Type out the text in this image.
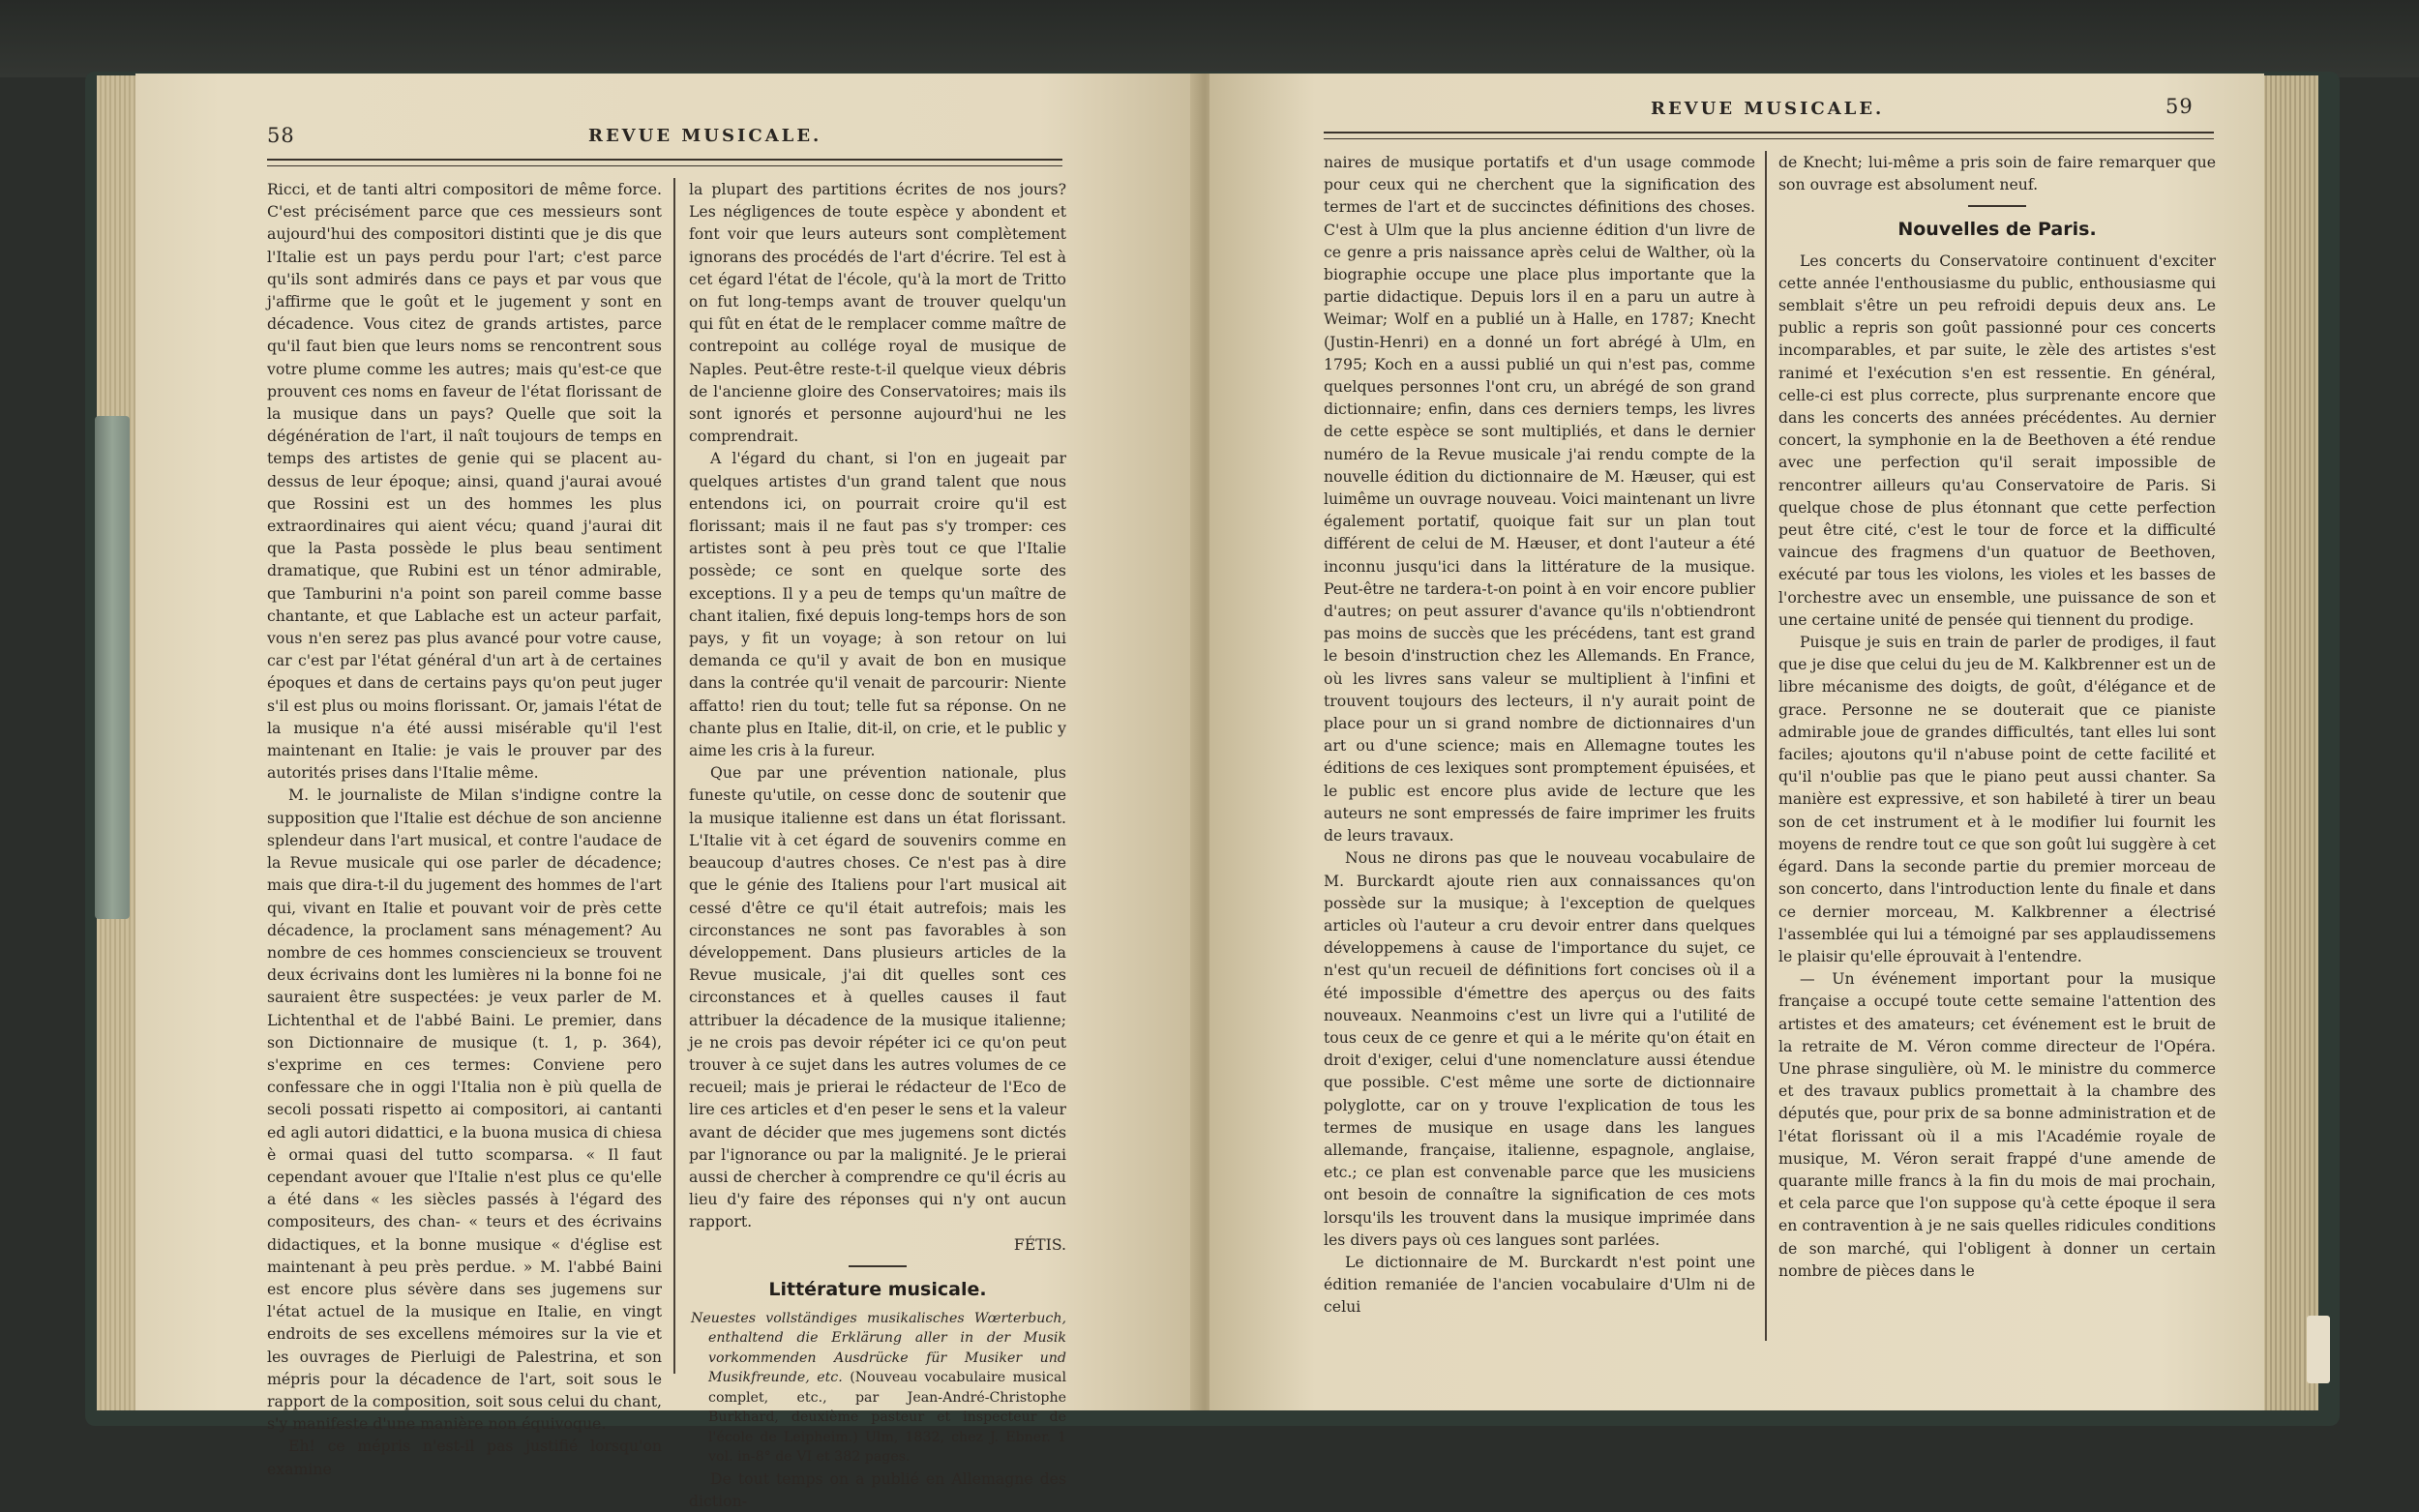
58	REVUE MUSICALE.

Ricci, et de tanti altri compositori de même force. C'est précisément parce que ces messieurs sont aujourd'hui des compositori distinti que je dis que l'Italie est un pays perdu pour l'art; c'est parce qu'ils sont admirés dans ce pays et par vous que j'affirme que le goût et le jugement y sont en décadence. Vous citez de grands artistes, parce qu'il faut bien que leurs noms se rencontrent sous votre plume comme les autres; mais qu'est-ce que prouvent ces noms en faveur de l'état florissant de la musique dans un pays? Quelle que soit la dégénération de l'art, il naît toujours de temps en temps des artistes de genie qui se placent au-dessus de leur époque; ainsi, quand j'aurai avoué que Rossini est un des hommes les plus extraordinaires qui aient vécu; quand j'aurai dit que la Pasta possède le plus beau sentiment dramatique, que Rubini est un ténor admirable, que Tamburini n'a point son pareil comme basse chantante, et que Lablache est un acteur parfait, vous n'en serez pas plus avancé pour votre cause, car c'est par l'état général d'un art à de certaines époques et dans de certains pays qu'on peut juger s'il est plus ou moins florissant. Or, jamais l'état de la musique n'a été aussi misérable qu'il l'est maintenant en Italie: je vais le prouver par des autorités prises dans l'Italie même.

M. le journaliste de Milan s'indigne contre la supposition que l'Italie est déchue de son ancienne splendeur dans l'art musical, et contre l'audace de la Revue musicale qui ose parler de décadence; mais que dira-t-il du jugement des hommes de l'art qui, vivant en Italie et pouvant voir de près cette décadence, la proclament sans ménagement? Au nombre de ces hommes consciencieux se trouvent deux écrivains dont les lumières ni la bonne foi ne sauraient être suspectées: je veux parler de M. Lichtenthal et de l'abbé Baini. Le premier, dans son Dictionnaire de musique (t. 1, p. 364), s'exprime en ces termes: Conviene pero confessare che in oggi l'Italia non è più quella de secoli possati rispetto ai compositori, ai cantanti ed agli autori didattici, e la buona musica di chiesa è ormai quasi del tutto scomparsa. « Il faut cependant avouer que l'Italie n'est plus ce qu'elle a été dans « les siècles passés à l'égard des compositeurs, des chan- « teurs et des écrivains didactiques, et la bonne musique « d'église est maintenant à peu près perdue. » M. l'abbé Baini est encore plus sévère dans ses jugemens sur l'état actuel de la musique en Italie, en vingt endroits de ses excellens mémoires sur la vie et les ouvrages de Pierluigi de Palestrina, et son mépris pour la décadence de l'art, soit sous le rapport de la composition, soit sous celui du chant, s'y manifeste d'une manière non équivoque.

Eh! ce mépris n'est-il pas justifié lorsqu'on examine

la plupart des partitions écrites de nos jours? Les négligences de toute espèce y abondent et font voir que leurs auteurs sont complètement ignorans des procédés de l'art d'écrire. Tel est à cet égard l'état de l'école, qu'à la mort de Tritto on fut long-temps avant de trouver quelqu'un qui fût en état de le remplacer comme maître de contrepoint au collége royal de musique de Naples. Peut-être reste-t-il quelque vieux débris de l'ancienne gloire des Conservatoires; mais ils sont ignorés et personne aujourd'hui ne les comprendrait.

A l'égard du chant, si l'on en jugeait par quelques artistes d'un grand talent que nous entendons ici, on pourrait croire qu'il est florissant; mais il ne faut pas s'y tromper: ces artistes sont à peu près tout ce que l'Italie possède; ce sont en quelque sorte des exceptions. Il y a peu de temps qu'un maître de chant italien, fixé depuis long-temps hors de son pays, y fit un voyage; à son retour on lui demanda ce qu'il y avait de bon en musique dans la contrée qu'il venait de parcourir: Niente affatto! rien du tout; telle fut sa réponse. On ne chante plus en Italie, dit-il, on crie, et le public y aime les cris à la fureur.

Que par une prévention nationale, plus funeste qu'utile, on cesse donc de soutenir que la musique italienne est dans un état florissant. L'Italie vit à cet égard de souvenirs comme en beaucoup d'autres choses. Ce n'est pas à dire que le génie des Italiens pour l'art musical ait cessé d'être ce qu'il était autrefois; mais les circonstances ne sont pas favorables à son développement. Dans plusieurs articles de la Revue musicale, j'ai dit quelles sont ces circonstances et à quelles causes il faut attribuer la décadence de la musique italienne; je ne crois pas devoir répéter ici ce qu'on peut trouver à ce sujet dans les autres volumes de ce recueil; mais je prierai le rédacteur de l'Eco de lire ces articles et d'en peser le sens et la valeur avant de décider que mes jugemens sont dictés par l'ignorance ou par la malignité. Je le prierai aussi de chercher à comprendre ce qu'il écris au lieu d'y faire des réponses qui n'y ont aucun rapport.

FÉTIS.

Littérature musicale.

Neuestes vollständiges musikalisches Wœrterbuch, enthaltend die Erklärung aller in der Musik vorkommenden Ausdrücke für Musiker und Musikfreunde, etc. (Nouveau vocabulaire musical complet, etc., par Jean-André-Christophe Burkhard, deuxième pasteur et inspecteur de l'école de Leipheim.) Ulm, 1832, chez J. Ebner. 1 vol. in-8° de VI et 382 pages.

De tout temps on a publié en Allemagne des diction-

REVUE MUSICALE.	59

naires de musique portatifs et d'un usage commode pour ceux qui ne cherchent que la signification des termes de l'art et de succinctes définitions des choses. C'est à Ulm que la plus ancienne édition d'un livre de ce genre a pris naissance après celui de Walther, où la biographie occupe une place plus importante que la partie didactique. Depuis lors il en a paru un autre à Weimar; Wolf en a publié un à Halle, en 1787; Knecht (Justin-Henri) en a donné un fort abrégé à Ulm, en 1795; Koch en a aussi publié un qui n'est pas, comme quelques personnes l'ont cru, un abrégé de son grand dictionnaire; enfin, dans ces derniers temps, les livres de cette espèce se sont multipliés, et dans le dernier numéro de la Revue musicale j'ai rendu compte de la nouvelle édition du dictionnaire de M. Hæuser, qui est luimême un ouvrage nouveau. Voici maintenant un livre également portatif, quoique fait sur un plan tout différent de celui de M. Hæuser, et dont l'auteur a été inconnu jusqu'ici dans la littérature de la musique. Peut-être ne tardera-t-on point à en voir encore publier d'autres; on peut assurer d'avance qu'ils n'obtiendront pas moins de succès que les précédens, tant est grand le besoin d'instruction chez les Allemands. En France, où les livres sans valeur se multiplient à l'infini et trouvent toujours des lecteurs, il n'y aurait point de place pour un si grand nombre de dictionnaires d'un art ou d'une science; mais en Allemagne toutes les éditions de ces lexiques sont promptement épuisées, et le public est encore plus avide de lecture que les auteurs ne sont empressés de faire imprimer les fruits de leurs travaux.

Nous ne dirons pas que le nouveau vocabulaire de M. Burckardt ajoute rien aux connaissances qu'on possède sur la musique; à l'exception de quelques articles où l'auteur a cru devoir entrer dans quelques développemens à cause de l'importance du sujet, ce n'est qu'un recueil de définitions fort concises où il a été impossible d'émettre des aperçus ou des faits nouveaux. Neanmoins c'est un livre qui a l'utilité de tous ceux de ce genre et qui a le mérite qu'on était en droit d'exiger, celui d'une nomenclature aussi étendue que possible. C'est même une sorte de dictionnaire polyglotte, car on y trouve l'explication de tous les termes de musique en usage dans les langues allemande, française, italienne, espagnole, anglaise, etc.; ce plan est convenable parce que les musiciens ont besoin de connaître la signification de ces mots lorsqu'ils les trouvent dans la musique imprimée dans les divers pays où ces langues sont parlées.

Le dictionnaire de M. Burckardt n'est point une édition remaniée de l'ancien vocabulaire d'Ulm ni de celui

de Knecht; lui-même a pris soin de faire remarquer que son ouvrage est absolument neuf.

Nouvelles de Paris.

Les concerts du Conservatoire continuent d'exciter cette année l'enthousiasme du public, enthousiasme qui semblait s'être un peu refroidi depuis deux ans. Le public a repris son goût passionné pour ces concerts incomparables, et par suite, le zèle des artistes s'est ranimé et l'exécution s'en est ressentie. En général, celle-ci est plus correcte, plus surprenante encore que dans les concerts des années précédentes. Au dernier concert, la symphonie en la de Beethoven a été rendue avec une perfection qu'il serait impossible de rencontrer ailleurs qu'au Conservatoire de Paris. Si quelque chose de plus étonnant que cette perfection peut être cité, c'est le tour de force et la difficulté vaincue des fragmens d'un quatuor de Beethoven, exécuté par tous les violons, les violes et les basses de l'orchestre avec un ensemble, une puissance de son et une certaine unité de pensée qui tiennent du prodige.

Puisque je suis en train de parler de prodiges, il faut que je dise que celui du jeu de M. Kalkbrenner est un de libre mécanisme des doigts, de goût, d'élégance et de grace. Personne ne se douterait que ce pianiste admirable joue de grandes difficultés, tant elles lui sont faciles; ajoutons qu'il n'abuse point de cette facilité et qu'il n'oublie pas que le piano peut aussi chanter. Sa manière est expressive, et son habileté à tirer un beau son de cet instrument et à le modifier lui fournit les moyens de rendre tout ce que son goût lui suggère à cet égard. Dans la seconde partie du premier morceau de son concerto, dans l'introduction lente du finale et dans ce dernier morceau, M. Kalkbrenner a électrisé l'assemblée qui lui a témoigné par ses applaudissemens le plaisir qu'elle éprouvait à l'entendre.

— Un événement important pour la musique française a occupé toute cette semaine l'attention des artistes et des amateurs; cet événement est le bruit de la retraite de M. Véron comme directeur de l'Opéra. Une phrase singulière, où M. le ministre du commerce et des travaux publics promettait à la chambre des députés que, pour prix de sa bonne administration et de l'état florissant où il a mis l'Académie royale de musique, M. Véron serait frappé d'une amende de quarante mille francs à la fin du mois de mai prochain, et cela parce que l'on suppose qu'à cette époque il sera en contravention à je ne sais quelles ridicules conditions de son marché, qui l'obligent à donner un certain nombre de pièces dans le
